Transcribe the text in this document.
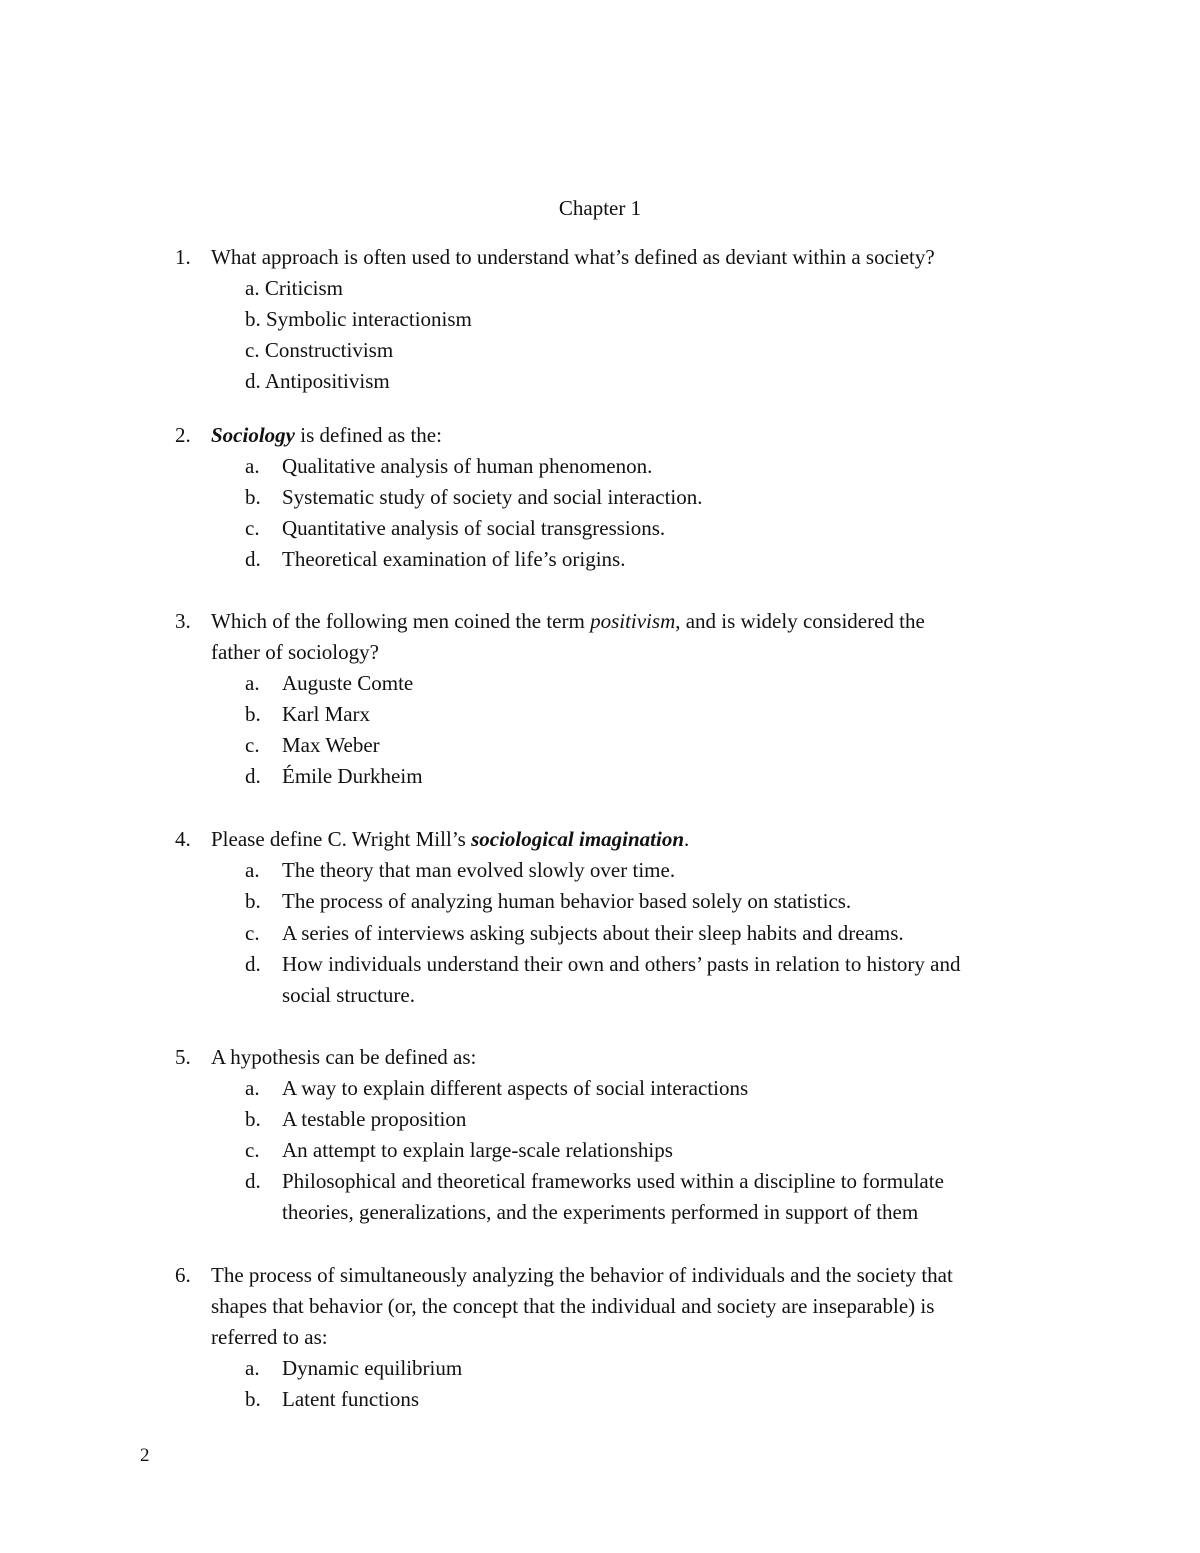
Chapter 1
1. What approach is often used to understand what’s defined as deviant within a society?
a. Criticism
b. Symbolic interactionism
c. Constructivism
d. Antipositivism
2. Sociology is defined as the:
a. Qualitative analysis of human phenomenon.
b. Systematic study of society and social interaction.
c. Quantitative analysis of social transgressions.
d. Theoretical examination of life’s origins.
3. Which of the following men coined the term positivism, and is widely considered the
father of sociology?
a. Auguste Comte
b. Karl Marx
c. Max Weber
d. Émile Durkheim
4. Please define C. Wright Mill’s sociological imagination.
a. The theory that man evolved slowly over time.
b. The process of analyzing human behavior based solely on statistics.
c. A series of interviews asking subjects about their sleep habits and dreams.
d. How individuals understand their own and others’ pasts in relation to history and
social structure.
5. A hypothesis can be defined as:
a. A way to explain different aspects of social interactions
b. A testable proposition
c. An attempt to explain large-scale relationships
d. Philosophical and theoretical frameworks used within a discipline to formulate
theories, generalizations, and the experiments performed in support of them
6. The process of simultaneously analyzing the behavior of individuals and the society that
shapes that behavior (or, the concept that the individual and society are inseparable) is
referred to as:
a. Dynamic equilibrium
b. Latent functions
2
